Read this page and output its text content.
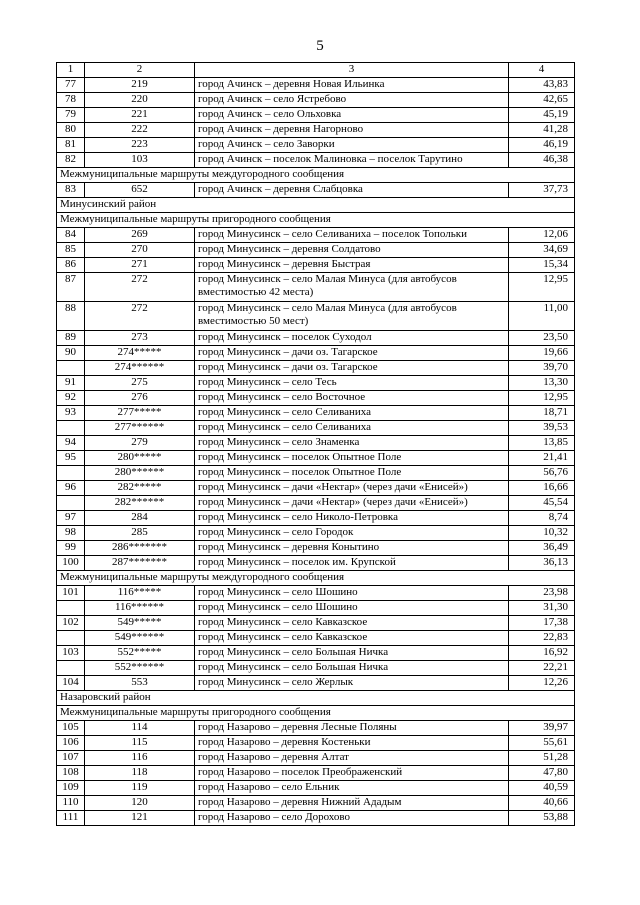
5
1	2	3	4
77	219	город Ачинск – деревня Новая Ильинка	43,83
78	220	город Ачинск – село Ястребово	42,65
79	221	город Ачинск – село Ольховка	45,19
80	222	город Ачинск – деревня Нагорново	41,28
81	223	город Ачинск – село Заворки	46,19
82	103	город Ачинск – поселок Малиновка – поселок Тарутино	46,38
Межмуниципальные маршруты междугородного сообщения			
83	652	город Ачинск – деревня Слабцовка	37,73
Минусинский район			
Межмуниципальные маршруты пригородного сообщения			
84	269	город Минусинск – село Селиваниха – поселок Топольки	12,06
85	270	город Минусинск – деревня Солдатово	34,69
86	271	город Минусинск – деревня Быстрая	15,34
87	272	город Минусинск – село Малая Минуса (для автобусов вместимостью 42 места)	12,95
88	272	город Минусинск – село Малая Минуса (для автобусов вместимостью 50 мест)	11,00
89	273	город Минусинск – поселок Суходол	23,50
90	274*****	город Минусинск – дачи оз. Тагарское	19,66
	274******	город Минусинск – дачи оз. Тагарское	39,70
91	275	город Минусинск – село Тесь	13,30
92	276	город Минусинск – село Восточное	12,95
93	277*****	город Минусинск – село Селиваниха	18,71
	277******	город Минусинск – село Селиваниха	39,53
94	279	город Минусинск – село Знаменка	13,85
95	280*****	город Минусинск – поселок Опытное Поле	21,41
	280******	город Минусинск – поселок Опытное Поле	56,76
96	282*****	город Минусинск – дачи «Нектар» (через дачи «Енисей»)	16,66
	282******	город Минусинск – дачи «Нектар» (через дачи «Енисей»)	45,54
97	284	город Минусинск – село Николо-Петровка	8,74
98	285	город Минусинск – село Городок	10,32
99	286*******	город Минусинск – деревня Конытино	36,49
100	287*******	город Минусинск – поселок им. Крупской	36,13
Межмуниципальные маршруты междугородного сообщения			
101	116*****	город Минусинск – село Шошино	23,98
	116******	город Минусинск – село Шошино	31,30
102	549*****	город Минусинск – село Кавказское	17,38
	549******	город Минусинск – село Кавказское	22,83
103	552*****	город Минусинск – село Большая Ничка	16,92
	552******	город Минусинск – село Большая Ничка	22,21
104	553	город Минусинск – село Жерлык	12,26
Назаровский район			
Межмуниципальные маршруты пригородного сообщения			
105	114	город Назарово – деревня Лесные Поляны	39,97
106	115	город Назарово – деревня Костеньки	55,61
107	116	город Назарово – деревня Алтат	51,28
108	118	город Назарово – поселок Преображенский	47,80
109	119	город Назарово – село Ельник	40,59
110	120	город Назарово – деревня Нижний Ададым	40,66
111	121	город Назарово – село Дорохово	53,88
